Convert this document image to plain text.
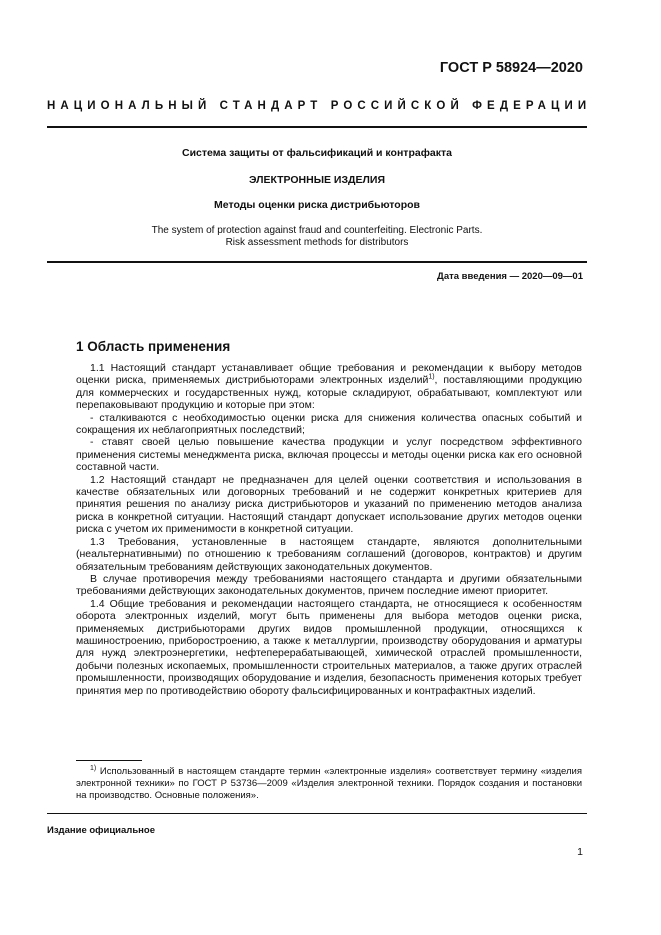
ГОСТ Р 58924—2020
НАЦИОНАЛЬНЫЙ СТАНДАРТ РОССИЙСКОЙ ФЕДЕРАЦИИ
Система защиты от фальсификаций и контрафакта
ЭЛЕКТРОННЫЕ ИЗДЕЛИЯ
Методы оценки риска дистрибьюторов
The system of protection against fraud and counterfeiting. Electronic Parts.
Risk assessment methods for distributors
Дата введения — 2020—09—01
1 Область применения

1.1 Настоящий стандарт устанавливает общие требования и рекомендации к выбору методов оценки риска, применяемых дистрибьюторами электронных изделий$^{1)}$, поставляющими продукцию для коммерческих и государственных нужд, которые складируют, обрабатывают, комплектуют или перепаковывают продукцию и которые при этом:

- сталкиваются с необходимостью оценки риска для снижения количества опасных событий и сокращения их неблагоприятных последствий;

- ставят своей целью повышение качества продукции и услуг посредством эффективного применения системы менеджмента риска, включая процессы и методы оценки риска как его основной составной части.

1.2 Настоящий стандарт не предназначен для целей оценки соответствия и использования в качестве обязательных или договорных требований и не содержит конкретных критериев для принятия решения по анализу риска дистрибьюторов и указаний по применению методов анализа риска в конкретной ситуации. Настоящий стандарт допускает использование других методов оценки риска с учетом их применимости в конкретной ситуации.

1.3 Требования, установленные в настоящем стандарте, являются дополнительными (неальтернативными) по отношению к требованиям соглашений (договоров, контрактов) и другим обязательным требованиям действующих законодательных документов.

В случае противоречия между требованиями настоящего стандарта и другими обязательными требованиями действующих законодательных документов, причем последние имеют приоритет.

1.4 Общие требования и рекомендации настоящего стандарта, не относящиеся к особенностям оборота электронных изделий, могут быть применены для выбора методов оценки риска, применяемых дистрибьюторами других видов промышленной продукции, относящихся к машиностроению, приборостроению, а также к металлургии, производству оборудования и арматуры для нужд электроэнергетики, нефтеперерабатывающей, химической отраслей промышленности, добычи полезных ископаемых, промышленности строительных материалов, а также других отраслей промышленности, производящих оборудование и изделия, безопасность применения которых требует принятия мер по противодействию обороту фальсифицированных и контрафактных изделий.

$^{1)}$ Использованный в настоящем стандарте термин «электронные изделия» соответствует термину «изделия электронной техники» по ГОСТ Р 53736—2009 «Изделия электронной техники. Порядок создания и постановки на производство. Основные положения».

Издание официальное
1
